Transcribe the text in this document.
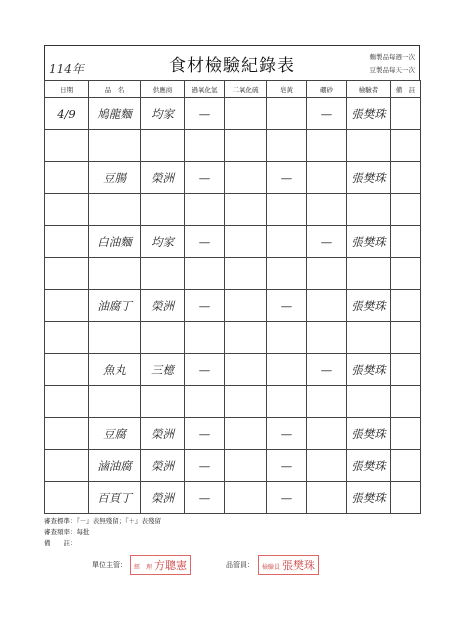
114年	食材檢驗紀錄表	麵製品每週一次
豆製品每天一次
日期	品　名	供應商	過氧化氫	二氧化硫	皂黃	硼砂	檢驗者	備　註
4/9	鳩龍麵	均家	—			—	張樊珠	

	豆腸	榮洲	—		—		張樊珠	

	白油麵	均家	—			—	張樊珠	

	油腐丁	榮洲	—		—		張樊珠	

	魚丸	三檍	—			—	張樊珠	

	豆腐	榮洲	—		—		張樊珠	
	滷油腐	榮洲	—		—		張樊珠	
	百頁丁	榮洲	—		—		張樊珠	
審查標準：『－』表無殘留；『＋』表殘留
審查頻率：每批
備　　註：
單位主管：	經　理 方聰憲	品管員：	檢驗員 張樊珠
